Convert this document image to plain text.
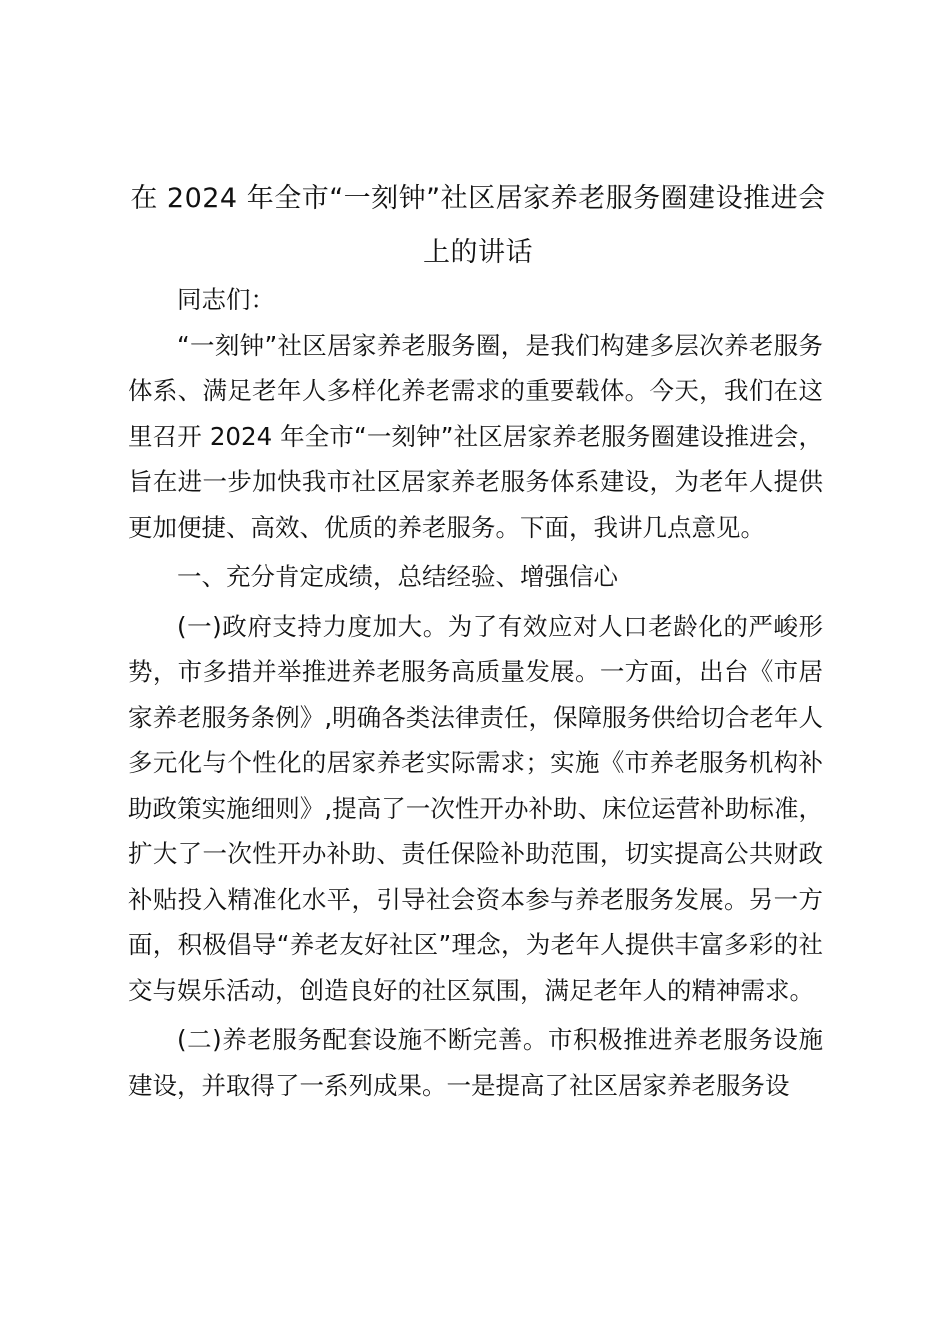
在 2024 年全市“一刻钟”社区居家养老服务圈建设推进会上的讲话

同志们：

“一刻钟”社区居家养老服务圈，是我们构建多层次养老服务体系、满足老年人多样化养老需求的重要载体。今天，我们在这里召开 2024 年全市“一刻钟”社区居家养老服务圈建设推进会，旨在进一步加快我市社区居家养老服务体系建设，为老年人提供更加便捷、高效、优质的养老服务。下面，我讲几点意见。

一、充分肯定成绩，总结经验、增强信心

(一)政府支持力度加大。为了有效应对人口老龄化的严峻形势，市多措并举推进养老服务高质量发展。一方面，出台《市居家养老服务条例》,明确各类法律责任，保障服务供给切合老年人多元化与个性化的居家养老实际需求；实施《市养老服务机构补助政策实施细则》,提高了一次性开办补助、床位运营补助标准，扩大了一次性开办补助、责任保险补助范围，切实提高公共财政补贴投入精准化水平，引导社会资本参与养老服务发展。另一方面，积极倡导“养老友好社区”理念，为老年人提供丰富多彩的社交与娱乐活动，创造良好的社区氛围，满足老年人的精神需求。

(二)养老服务配套设施不断完善。市积极推进养老服务设施建设，并取得了一系列成果。一是提高了社区居家养老服务设
